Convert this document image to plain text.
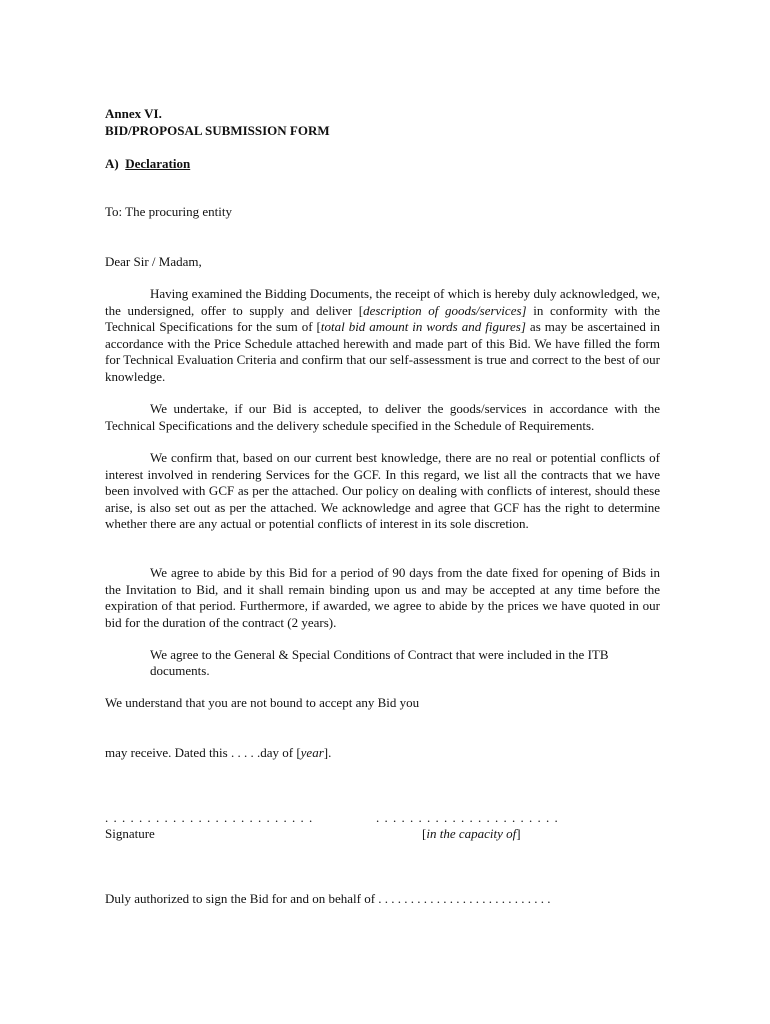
Annex VI.
BID/PROPOSAL SUBMISSION FORM
A) Declaration
To: The procuring entity
Dear Sir / Madam,
Having examined the Bidding Documents, the receipt of which is hereby duly acknowledged, we, the undersigned, offer to supply and deliver [description of goods/services] in conformity with the Technical Specifications for the sum of [total bid amount in words and figures] as may be ascertained in accordance with the Price Schedule attached herewith and made part of this Bid. We have filled the form for Technical Evaluation Criteria and confirm that our self-assessment is true and correct to the best of our knowledge.
We undertake, if our Bid is accepted, to deliver the goods/services in accordance with the Technical Specifications and the delivery schedule specified in the Schedule of Requirements.
We confirm that, based on our current best knowledge, there are no real or potential conflicts of interest involved in rendering Services for the GCF. In this regard, we list all the contracts that we have been involved with GCF as per the attached. Our policy on dealing with conflicts of interest, should these arise, is also set out as per the attached. We acknowledge and agree that GCF has the right to determine whether there are any actual or potential conflicts of interest in its sole discretion.
We agree to abide by this Bid for a period of 90 days from the date fixed for opening of Bids in the Invitation to Bid, and it shall remain binding upon us and may be accepted at any time before the expiration of that period. Furthermore, if awarded, we agree to abide by the prices we have quoted in our bid for the duration of the contract (2 years).
We agree to the General & Special Conditions of Contract that were included in the ITB
documents.
We understand that you are not bound to accept any Bid you
may receive. Dated this . . . . .day of [year].
. . . . . . . . . . . . . . . . . . . . . . . . .	. . . . . . . . . . . . . . . . . . . . . .
Signature	[in the capacity of]
Duly authorized to sign the Bid for and on behalf of . . . . . . . . . . . . . . . . . . . . . . . . . . .
